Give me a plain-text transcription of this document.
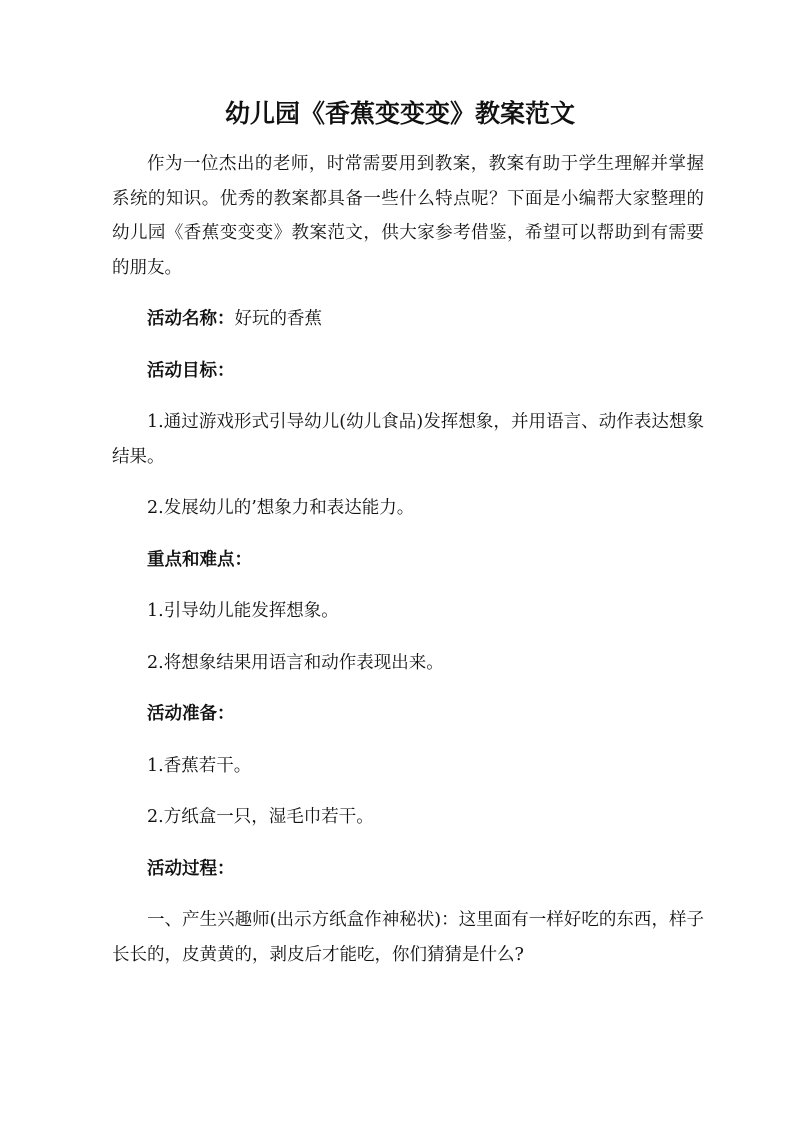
幼儿园《香蕉变变变》教案范文

作为一位杰出的老师，时常需要用到教案，教案有助于学生理解并掌握系统的知识。优秀的教案都具备一些什么特点呢？下面是小编帮大家整理的幼儿园《香蕉变变变》教案范文，供大家参考借鉴，希望可以帮助到有需要的朋友。

活动名称：好玩的香蕉

活动目标：

1.通过游戏形式引导幼儿(幼儿食品)发挥想象，并用语言、动作表达想象结果。

2.发展幼儿的’想象力和表达能力。

重点和难点：

1.引导幼儿能发挥想象。

2.将想象结果用语言和动作表现出来。

活动准备：

1.香蕉若干。

2.方纸盒一只，湿毛巾若干。

活动过程：

一、产生兴趣师(出示方纸盒作神秘状)：这里面有一样好吃的东西，样子长长的，皮黄黄的，剥皮后才能吃，你们猜猜是什么?
